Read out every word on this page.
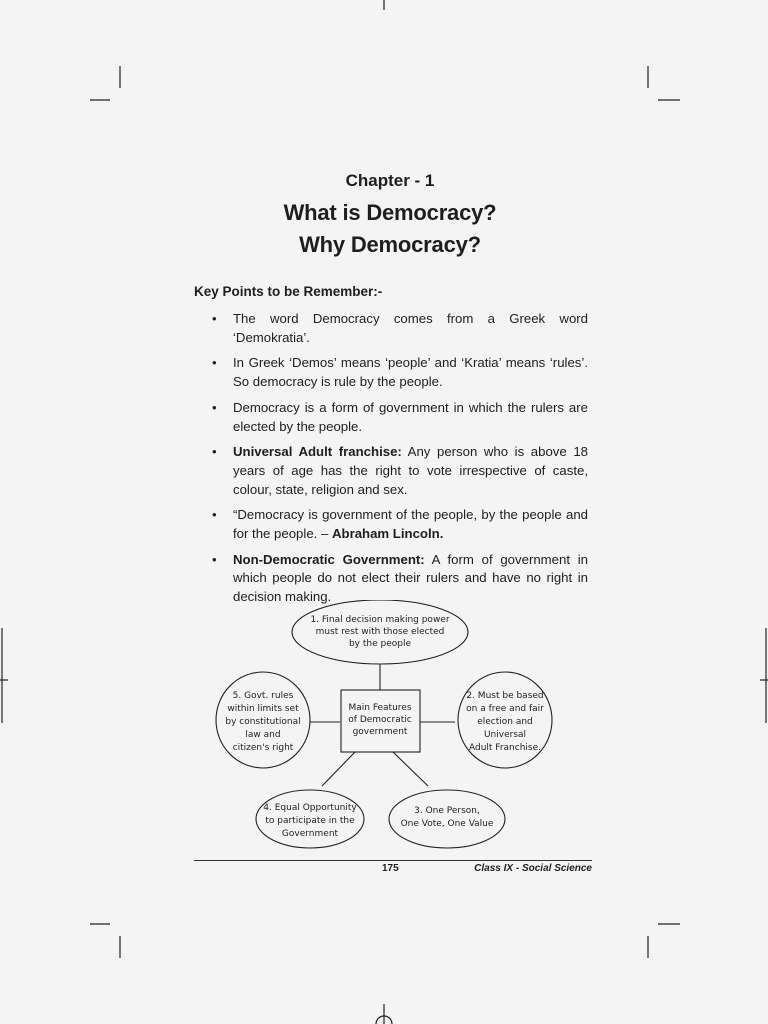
Chapter - 1
What is Democracy?
Why Democracy?
Key Points to be Remember:-
• The word Democracy comes from a Greek word ‘Demokratia’.
• In Greek ‘Demos’ means ‘people’ and ‘Kratia’ means ‘rules’. So democracy is rule by the people.
• Democracy is a form of government in which the rulers are elected by the people.
• Universal Adult franchise: Any person who is above 18 years of age has the right to vote irrespective of caste, colour, state, religion and sex.
• “Democracy is government of the people, by the people and for the people. – Abraham Lincoln.
• Non-Democratic Government: A form of government in which people do not elect their rulers and have no right in decision making.
Main Features
of Democratic
government
1. Final decision making power
must rest with those elected
by the people
2. Must be based
on a free and fair
election and
Universal
Adult Franchise.
3. One Person,
One Vote, One Value
4. Equal Opportunity
to participate in the
Government
5. Govt. rules
within limits set
by constitutional
law and
citizen's right
175	Class IX - Social Science
